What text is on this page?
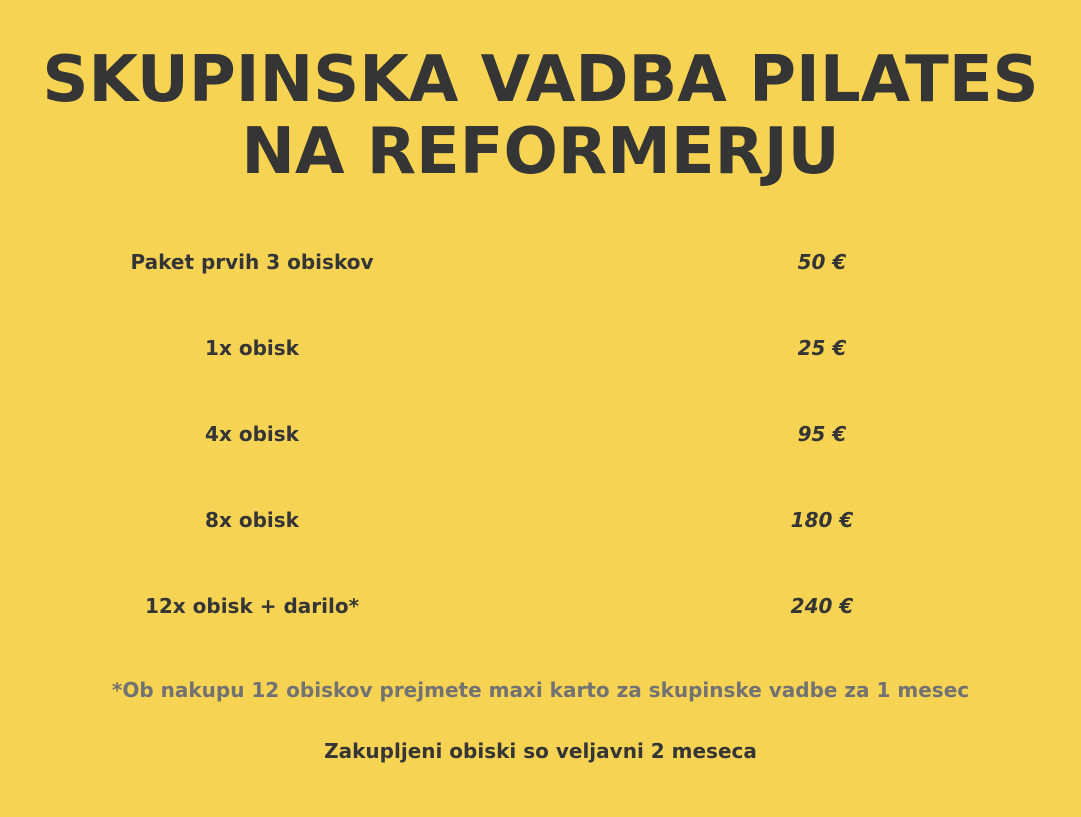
SKUPINSKA VADBA PILATES
NA REFORMERJU
Paket prvih 3 obiskov	50 €
1x obisk	25 €
4x obisk	95 €
8x obisk	180 €
12x obisk + darilo*	240 €
*Ob nakupu 12 obiskov prejmete maxi karto za skupinske vadbe za 1 mesec
Zakupljeni obiski so veljavni 2 meseca
